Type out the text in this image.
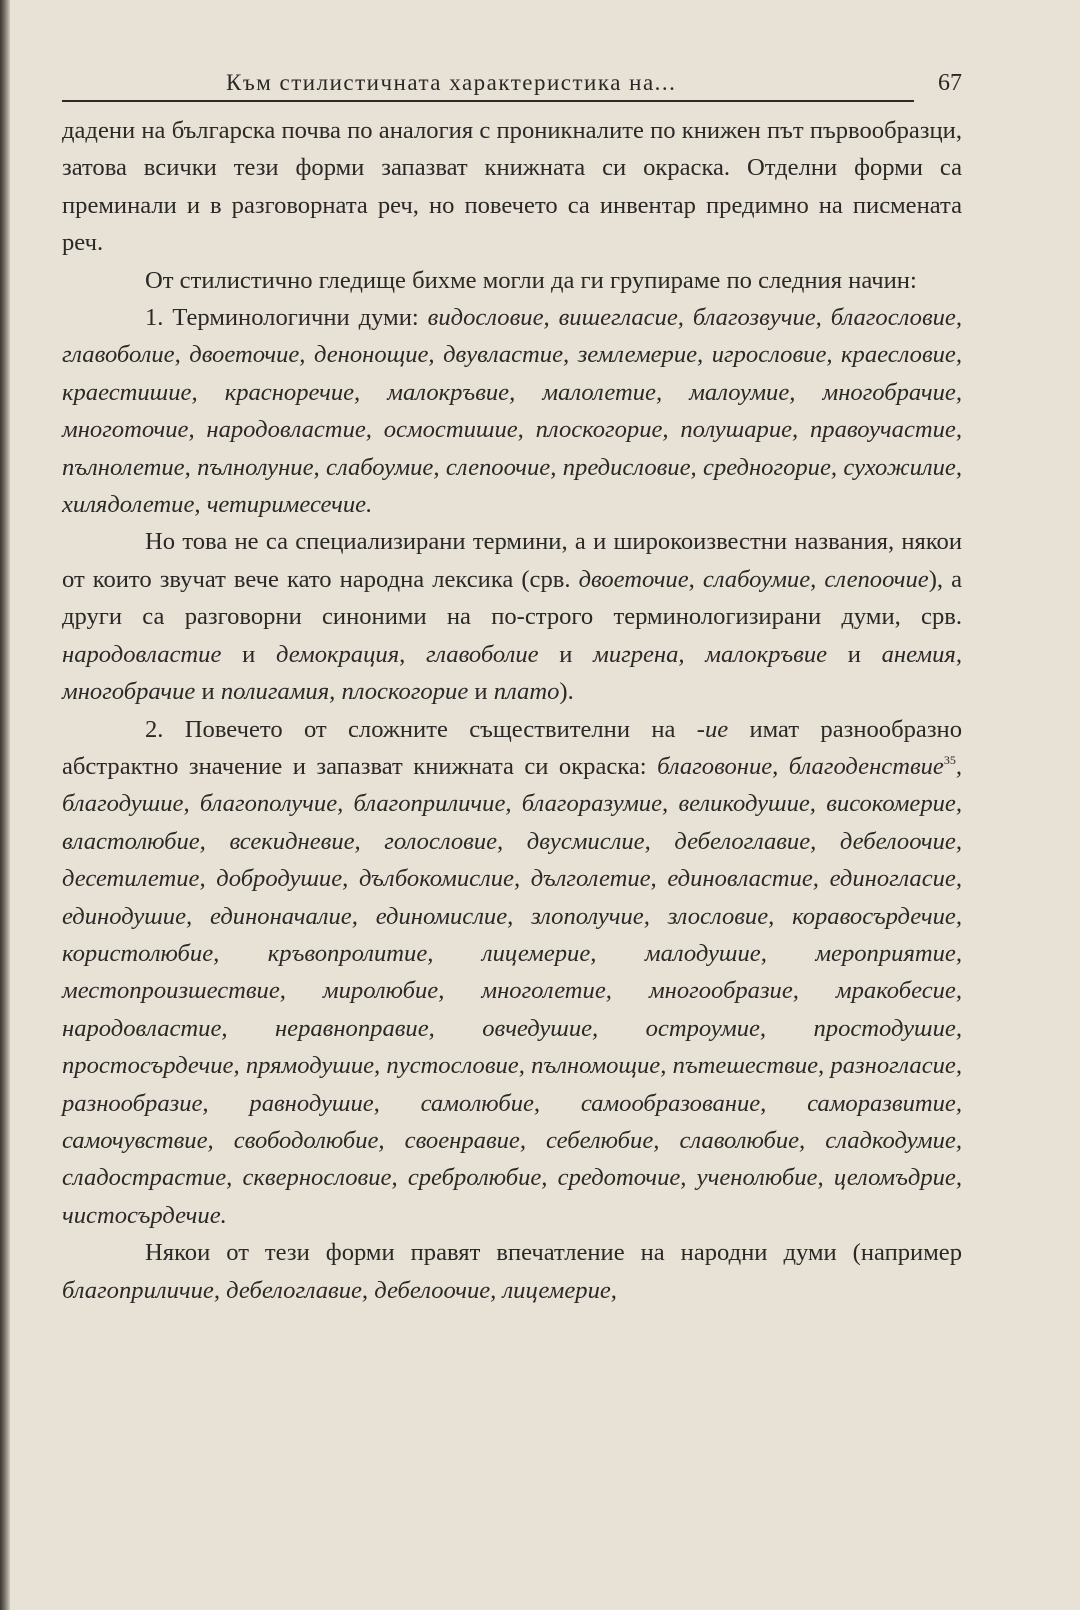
Към стилистичната характеристика на...	67

дадени на българска почва по аналогия с проникналите по книжен път първообразци, затова всички тези форми запазват книжната си окраска. Отделни форми са преминали и в разговорната реч, но повечето са инвентар предимно на писмената реч.

От стилистично гледище бихме могли да ги групираме по следния начин:

1. Терминологични думи: видословие, вишегласие, благозвучие, благословие, главоболие, двоеточие, денонощие, двувластие, землемерие, игрословие, краесловие, краестишие, красноречие, малокръвие, малолетие, малоумие, многобрачие, многоточие, народовластие, осмостишие, плоскогорие, полушарие, правоучастие, пълнолетие, пълнолуние, слабоумие, слепоочие, предисловие, средногорие, сухожилие, хилядолетие, четиримесечие.

Но това не са специализирани термини, а и широкоизвестни названия, някои от които звучат вече като народна лексика (срв. двоеточие, слабоумие, слепоочие), а други са разговорни синоними на по-строго терминологизирани думи, срв. народовластие и демокрация, главоболие и мигрена, малокръвие и анемия, многобрачие и полигамия, плоскогорие и плато).

2. Повечето от сложните съществителни на -ие имат разнообразно абстрактно значение и запазват книжната си окраска: благовоние, благоденствие$^{35}$, благодушие, благополучие, благоприличие, благоразумие, великодушие, високомерие, властолюбие, всекидневие, голословие, двусмислие, дебелоглавие, дебелоочие, десетилетие, добродушие, дълбокомислие, дълголетие, единовластие, единогласие, единодушие, единоначалие, единомислие, злополучие, злословие, коравосърдечие, користолюбие, кръвопролитие, лицемерие, малодушие, мероприятие, местопроизшествие, миролюбие, многолетие, многообразие, мракобесие, народовластие, неравноправие, овчедушие, остроумие, простодушие, простосърдечие, прямодушие, пустословие, пълномощие, пътешествие, разногласие, разнообразие, равнодушие, самолюбие, самообразование, саморазвитие, самочувствие, свободолюбие, своенравие, себелюбие, славолюбие, сладкодумие, сладострастие, сквернословие, сребролюбие, средоточие, ученолюбие, целомъдрие, чистосърдечие.

Някои от тези форми правят впечатление на народни думи (например благоприличие, дебелоглавие, дебелоочие, лицемерие,
